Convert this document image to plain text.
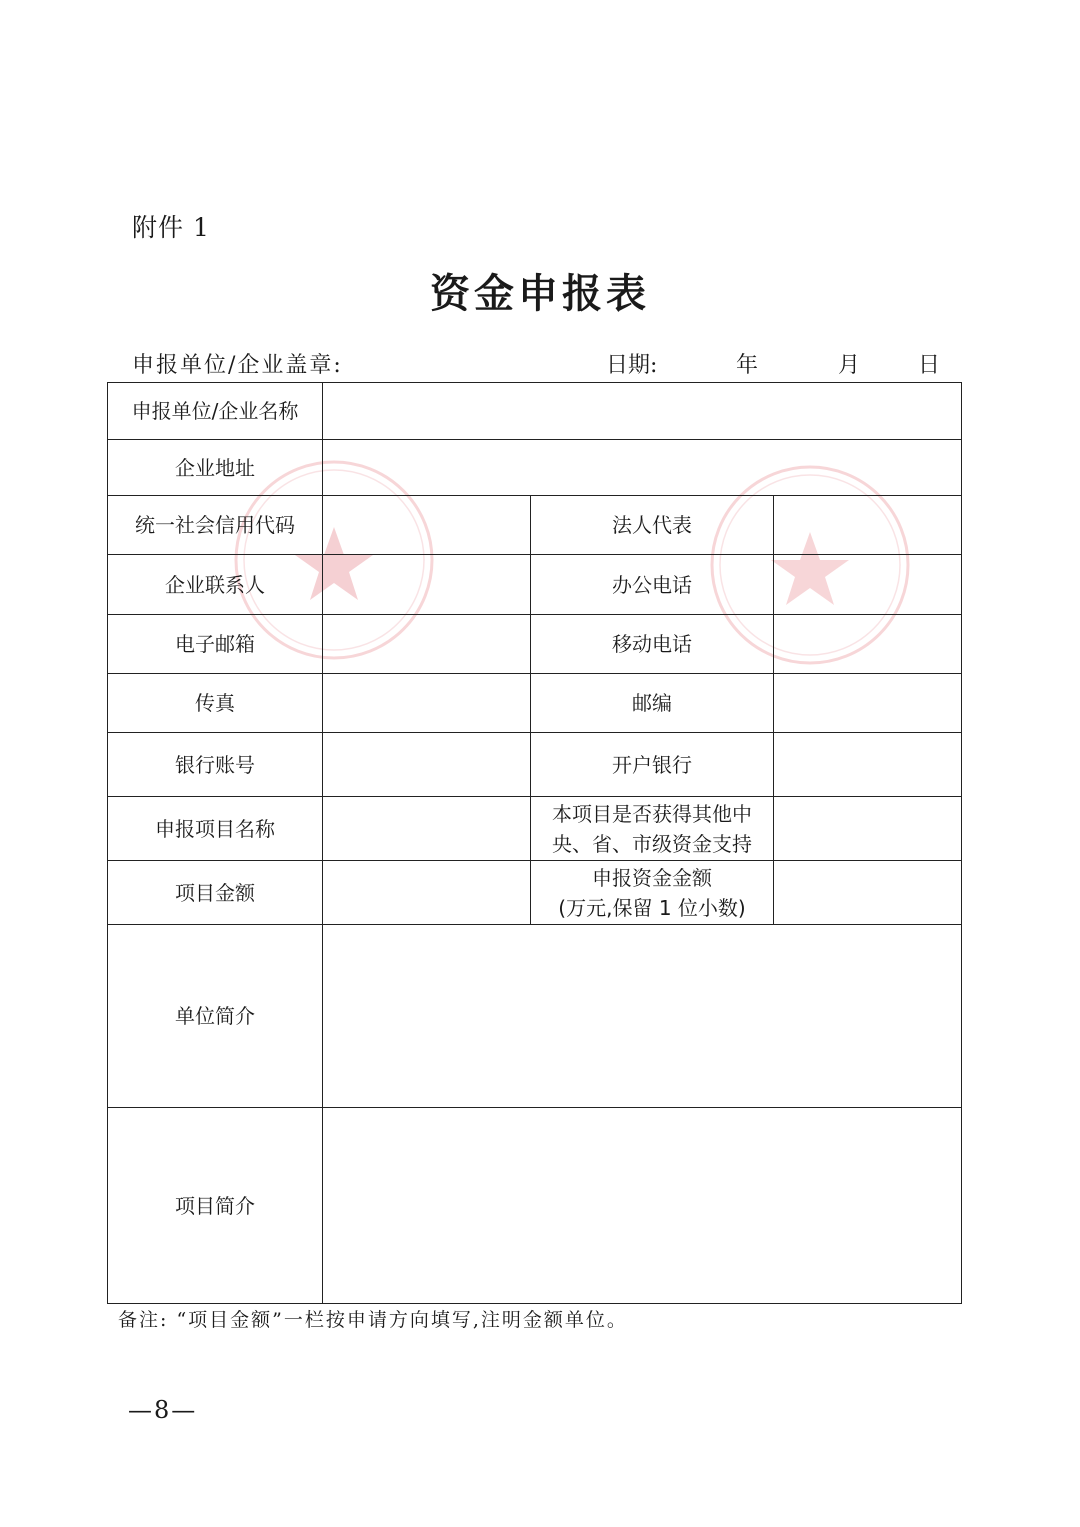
附件 1
资金申报表
申报单位/企业盖章:	日期:	年	月	日
申报单位/企业名称			
企业地址			
统一社会信用代码		法人代表	
企业联系人		办公电话	
电子邮箱		移动电话	
传真		邮编	
银行账号		开户银行	
申报项目名称		本项目是否获得其他中
央、省、市级资金支持	

项目金额		申报资金金额
(万元,保留 1 位小数)	

单位简介			
项目简介			
备注: “项目金额”一栏按申请方向填写,注明金额单位。
—8—
